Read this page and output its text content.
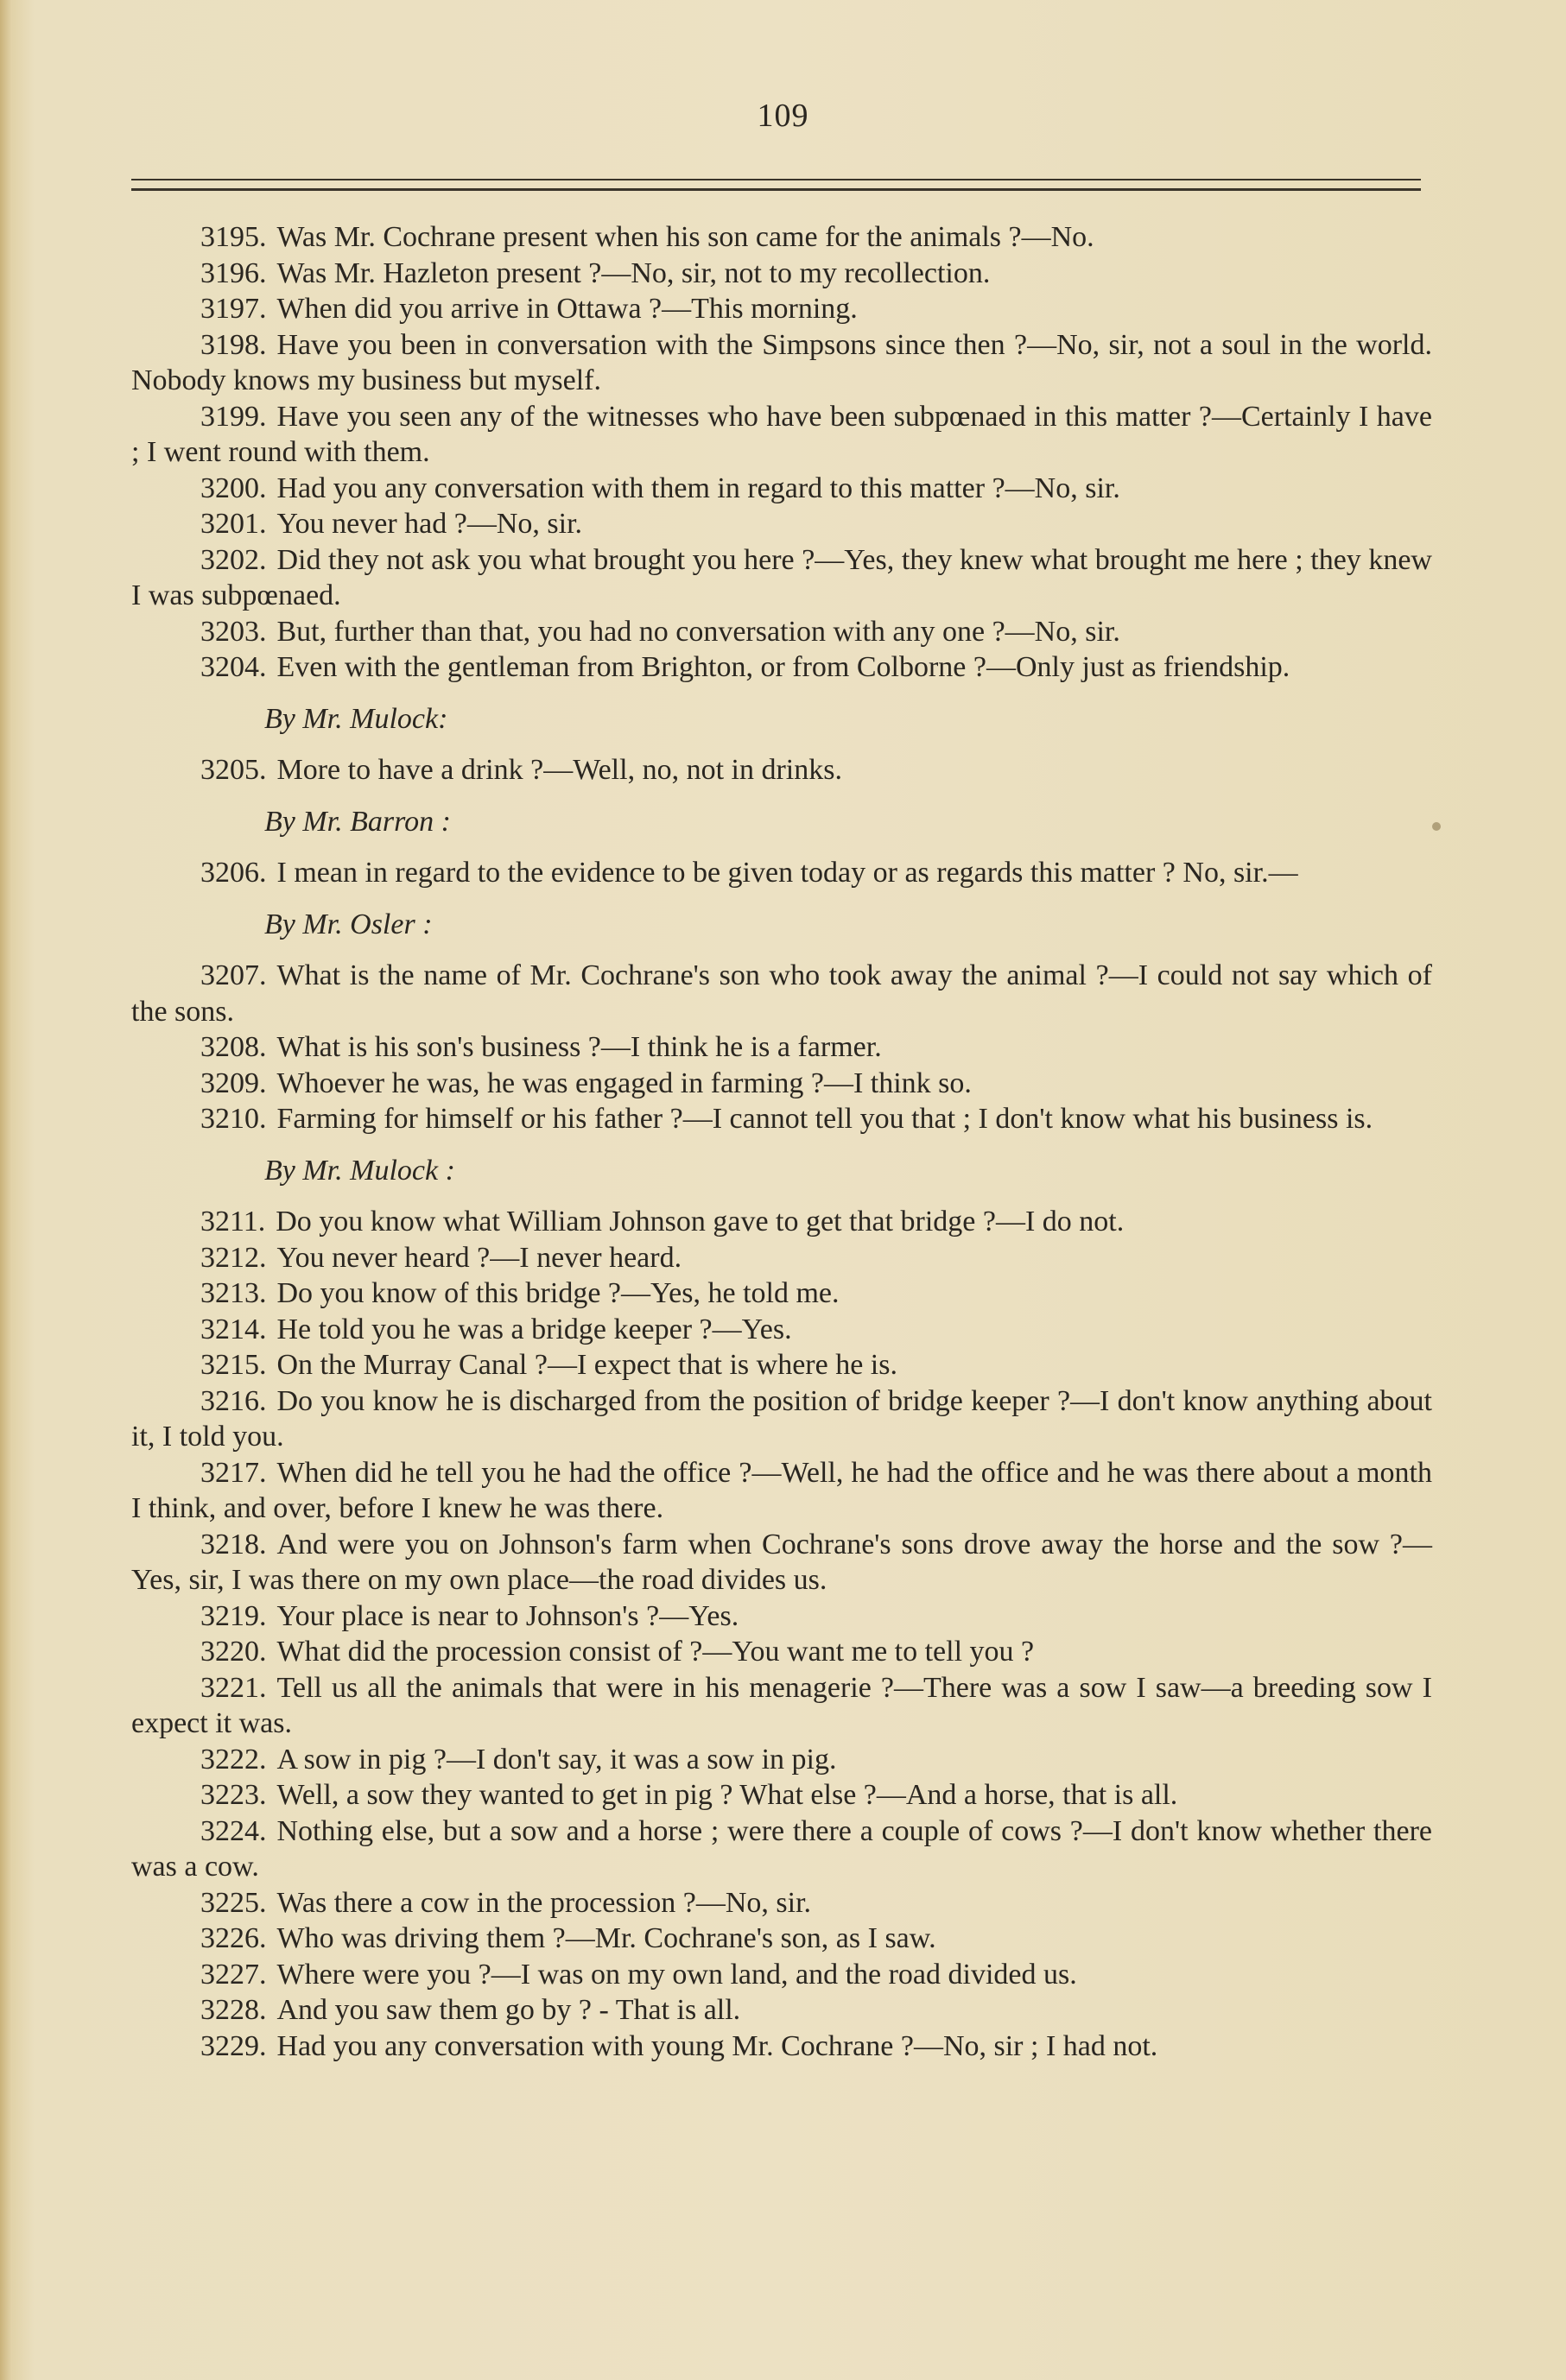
109

3195. Was Mr. Cochrane present when his son came for the animals ?—No.

3196. Was Mr. Hazleton present ?—No, sir, not to my recollection.

3197. When did you arrive in Ottawa ?—This morning.

3198. Have you been in conversation with the Simpsons since then ?—No, sir, not a soul in the world. Nobody knows my business but myself.

3199. Have you seen any of the witnesses who have been subpœnaed in this matter ?—Certainly I have ; I went round with them.

3200. Had you any conversation with them in regard to this matter ?—No, sir.

3201. You never had ?—No, sir.

3202. Did they not ask you what brought you here ?—Yes, they knew what brought me here ; they knew I was subpœnaed.

3203. But, further than that, you had no conversation with any one ?—No, sir.

3204. Even with the gentleman from Brighton, or from Colborne ?—Only just as friendship.

By Mr. Mulock:

3205. More to have a drink ?—Well, no, not in drinks.

By Mr. Barron :

3206. I mean in regard to the evidence to be given today or as regards this matter ? No, sir.—

By Mr. Osler :

3207. What is the name of Mr. Cochrane's son who took away the animal ?—I could not say which of the sons.

3208. What is his son's business ?—I think he is a farmer.

3209. Whoever he was, he was engaged in farming ?—I think so.

3210. Farming for himself or his father ?—I cannot tell you that ; I don't know what his business is.

By Mr. Mulock :

3211. Do you know what William Johnson gave to get that bridge ?—I do not.

3212. You never heard ?—I never heard.

3213. Do you know of this bridge ?—Yes, he told me.

3214. He told you he was a bridge keeper ?—Yes.

3215. On the Murray Canal ?—I expect that is where he is.

3216. Do you know he is discharged from the position of bridge keeper ?—I don't know anything about it, I told you.

3217. When did he tell you he had the office ?—Well, he had the office and he was there about a month I think, and over, before I knew he was there.

3218. And were you on Johnson's farm when Cochrane's sons drove away the horse and the sow ?—Yes, sir, I was there on my own place—the road divides us.

3219. Your place is near to Johnson's ?—Yes.

3220. What did the procession consist of ?—You want me to tell you ?

3221. Tell us all the animals that were in his menagerie ?—There was a sow I saw—a breeding sow I expect it was.

3222. A sow in pig ?—I don't say, it was a sow in pig.

3223. Well, a sow they wanted to get in pig ? What else ?—And a horse, that is all.

3224. Nothing else, but a sow and a horse ; were there a couple of cows ?—I don't know whether there was a cow.

3225. Was there a cow in the procession ?—No, sir.

3226. Who was driving them ?—Mr. Cochrane's son, as I saw.

3227. Where were you ?—I was on my own land, and the road divided us.

3228. And you saw them go by ? - That is all.

3229. Had you any conversation with young Mr. Cochrane ?—No, sir ; I had not.
